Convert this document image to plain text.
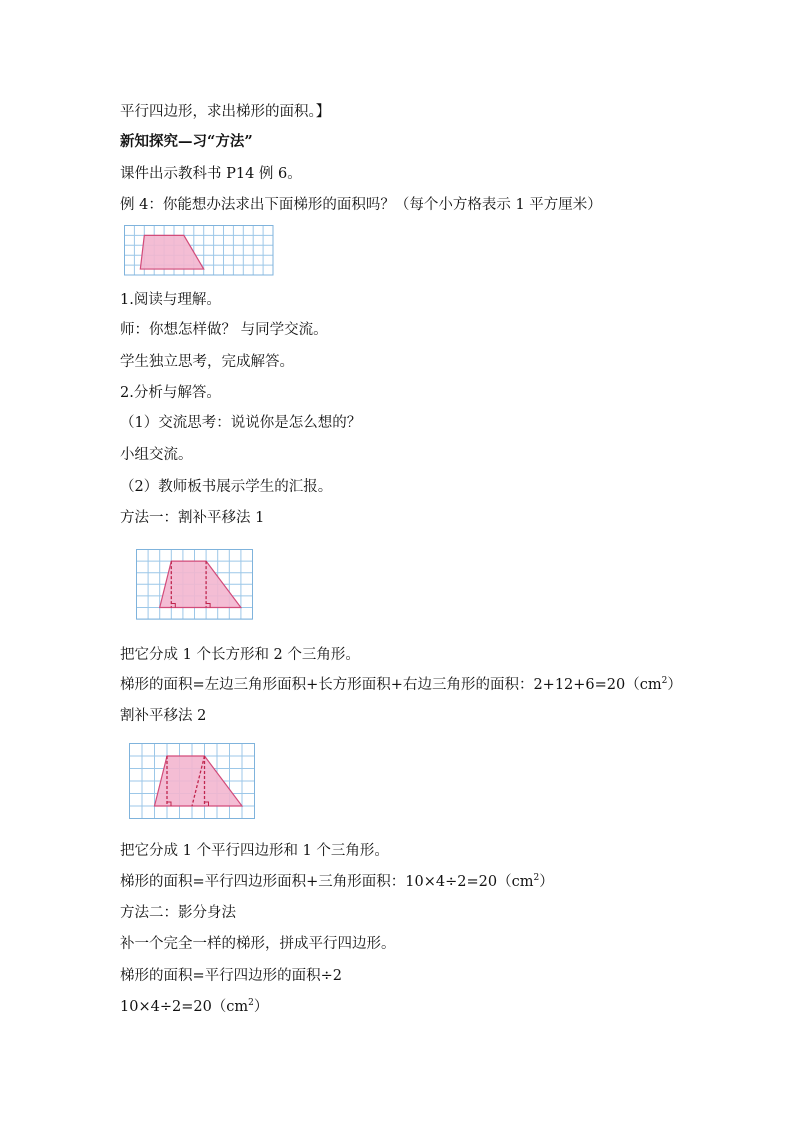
平行四边形，求出梯形的面积。】
新知探究—习“方法”
课件出示教科书 P14 例 6。
例 4：你能想办法求出下面梯形的面积吗？（每个小方格表示 1 平方厘米）
1.阅读与理解。
师：你想怎样做？ 与同学交流。
学生独立思考，完成解答。
2.分析与解答。
（1）交流思考：说说你是怎么想的？
小组交流。
（2）教师板书展示学生的汇报。
方法一：割补平移法 1
把它分成 1 个长方形和 2 个三角形。
梯形的面积=左边三角形面积+长方形面积+右边三角形的面积：$2+12+6=20(cm^2)$
割补平移法 2
把它分成 1 个平行四边形和 1 个三角形。
梯形的面积=平行四边形面积+三角形面积：$10\times 4\div 2=20(cm^2)$
方法二：影分身法
补一个完全一样的梯形，拼成平行四边形。
梯形的面积=平行四边形的面积÷2
$10\times 4\div 2=20(cm^2)$
